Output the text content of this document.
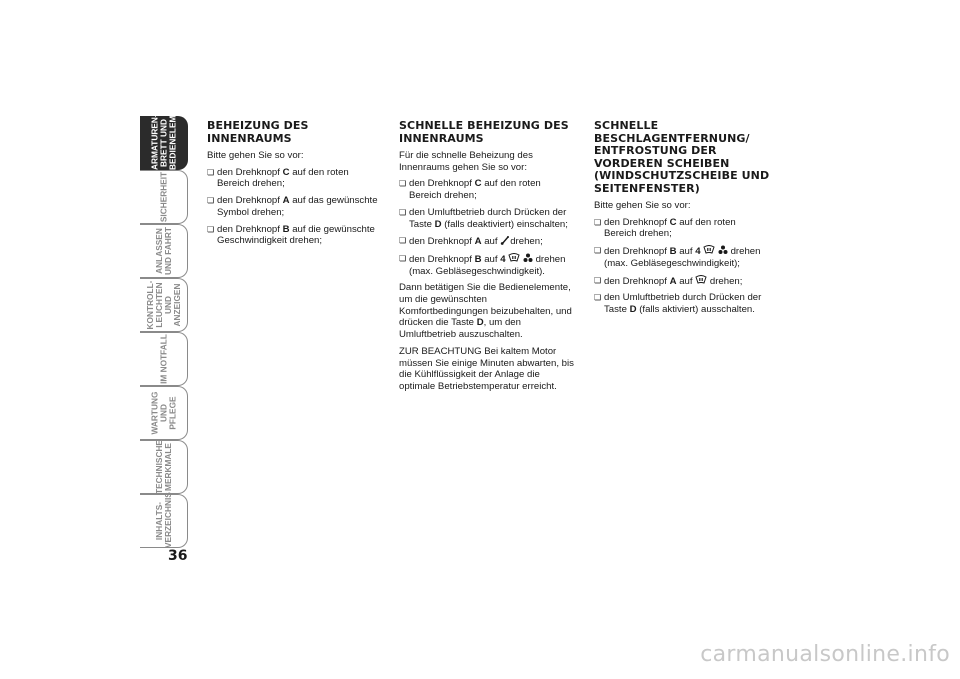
ARMATUREN-
BRETT UND
BEDIENELEMENTE
SICHERHEIT
ANLASSEN
UND FAHRT
KONTROLL-
LEUCHTEN UND
ANZEIGEN
IM NOTFALL
WARTUNG UND
PFLEGE
TECHNISCHE
MERKMALE
INHALTS-
VERZEICHNIS
36
BEHEIZUNG DES INNENRAUMS

Bitte gehen Sie so vor:

❏ den Drehknopf C auf den roten Bereich drehen;
❏ den Drehknopf A auf das gewünschte Symbol drehen;
❏ den Drehknopf B auf die gewünschte Geschwindigkeit drehen;
SCHNELLE BEHEIZUNG DES INNENRAUMS

Für die schnelle Beheizung des Innenraums gehen Sie so vor:

❏ den Drehknopf C auf den roten Bereich drehen;
❏ den Umluftbetrieb durch Drücken der Taste D (falls deaktiviert) einschalten;
❏ den Drehknopf A auf drehen;
❏ den Drehknopf B auf 4	drehen (max. Gebläsegeschwindigkeit).

Dann betätigen Sie die Bedienelemente, um die gewünschten Komfortbedingungen beizubehalten, und drücken die Taste D, um den Umluftbetrieb auszuschalten.

ZUR BEACHTUNG Bei kaltem Motor müssen Sie einige Minuten abwarten, bis die Kühlflüssigkeit der Anlage die optimale Betriebstemperatur erreicht.

SCHNELLE BESCHLAGENTFERNUNG/ ENTFROSTUNG DER VORDEREN SCHEIBEN (WINDSCHUTZSCHEIBE UND SEITENFENSTER)

Bitte gehen Sie so vor:

❏ den Drehknopf C auf den roten Bereich drehen;
❏ den Drehknopf B auf 4	drehen (max. Gebläsegeschwindigkeit);
❏ den Drehknopf A auf  drehen;
❏ den Umluftbetrieb durch Drücken der Taste D (falls aktiviert) ausschalten.
carmanualsonline.info
